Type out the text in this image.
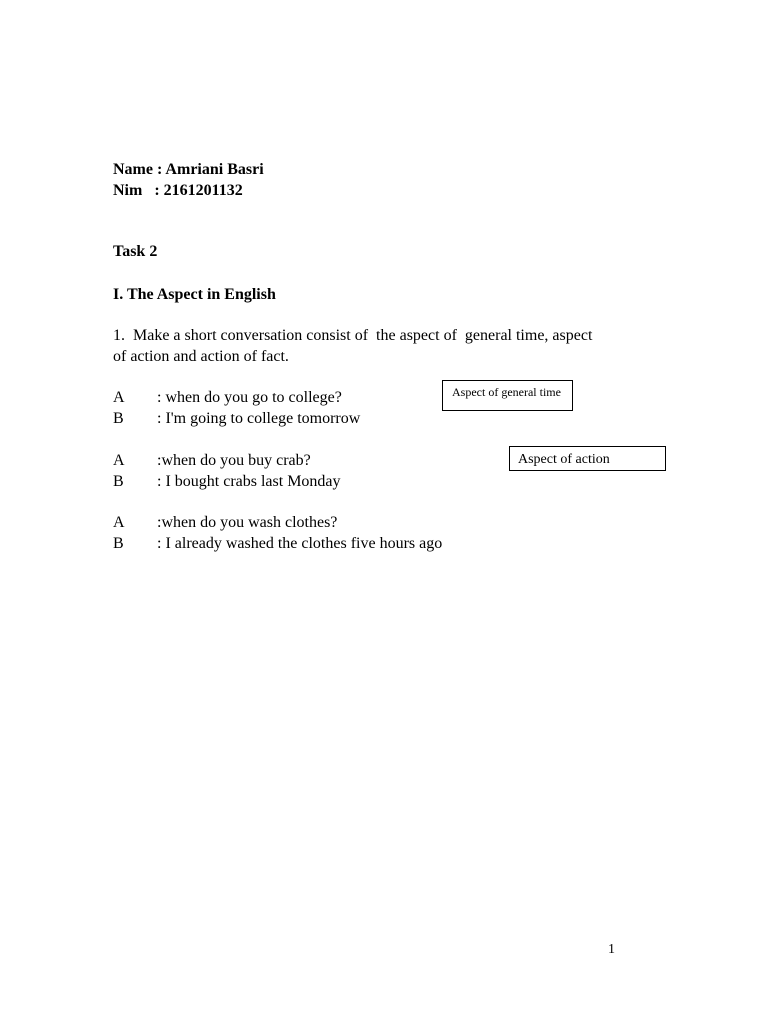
Name : Amriani Basri
Nim   : 2161201132
Task 2
I. The Aspect in English
1.  Make a short conversation consist of  the aspect of  general time, aspect
of action and action of fact.
A : when do you go to college?
B : I'm going to college tomorrow
A :when do you buy crab?
B : I bought crabs last Monday
A :when do you wash clothes?
B : I already washed the clothes five hours ago
Aspect of general time
Aspect of action
1
